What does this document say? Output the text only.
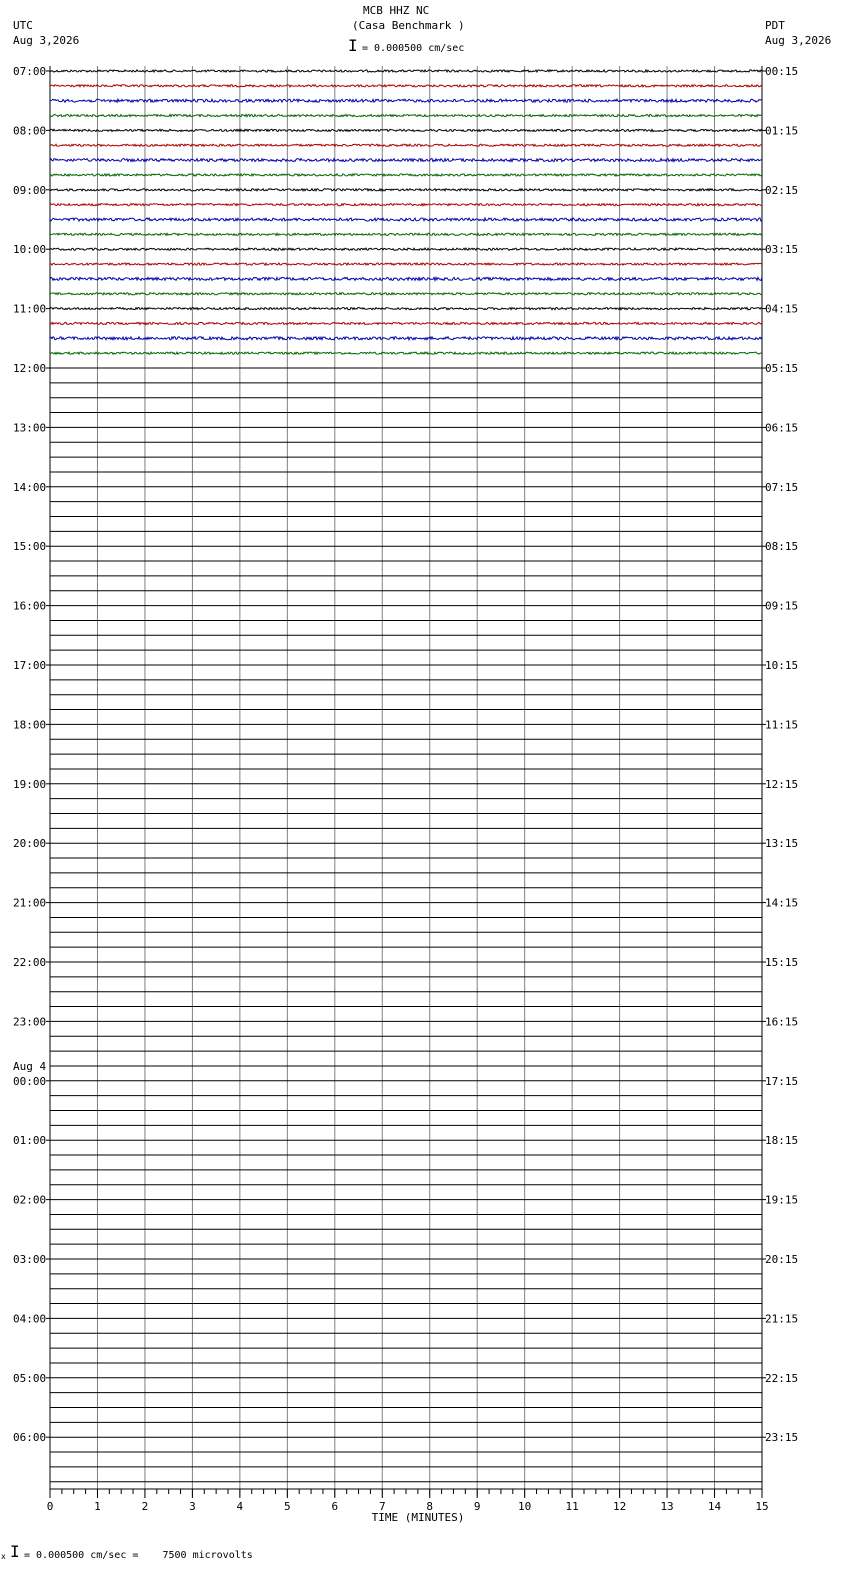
UTC
Aug 3,2026
MCB HHZ NC
(Casa Benchmark )
I = 0.000500 cm/sec
PDT
Aug 3,2026
07:00	00:15
08:00	01:15
09:00	02:15
10:00	03:15
11:00	04:15
12:00	05:15
13:00	06:15
14:00	07:15
15:00	08:15
16:00	09:15
17:00	10:15
18:00	11:15
19:00	12:15
20:00	13:15
21:00	14:15
22:00	15:15
23:00	16:15
Aug 4
00:00	17:15
01:00	18:15
02:00	19:15
03:00	20:15
04:00	21:15
05:00	22:15
06:00	23:15
0	1	2	3	4	5	6	7	8	9	10	11	12	13	14	15
TIME (MINUTES)
x I = 0.000500 cm/sec =    7500 microvolts
